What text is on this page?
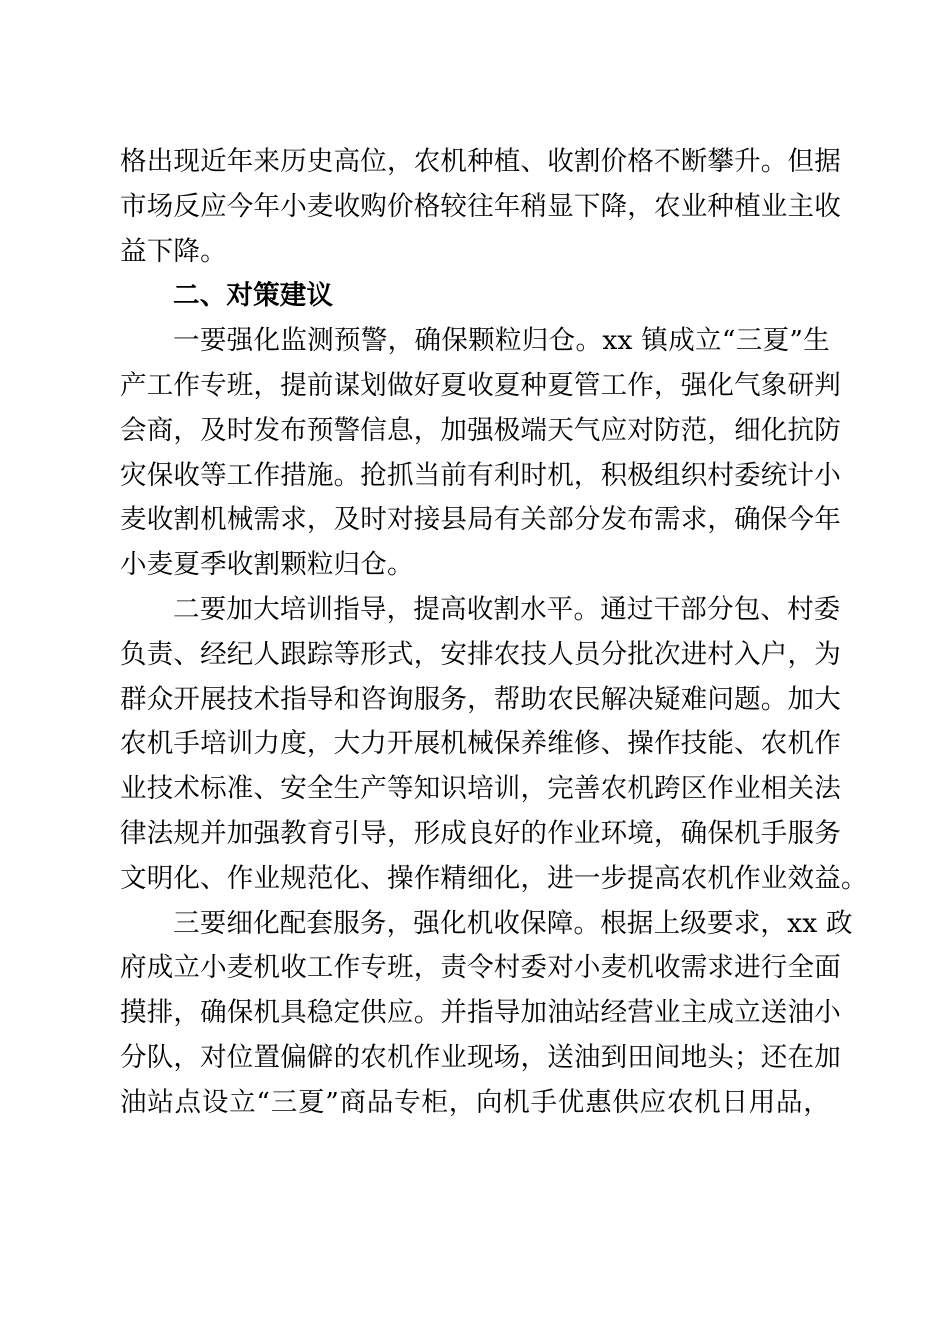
格出现近年来历史高位，农机种植、收割价格不断攀升。但据
市场反应今年小麦收购价格较往年稍显下降，农业种植业主收
益下降。
二、对策建议
一要强化监测预警，确保颗粒归仓。xx 镇成立“三夏”生
产工作专班，提前谋划做好夏收夏种夏管工作，强化气象研判
会商，及时发布预警信息，加强极端天气应对防范，细化抗防
灾保收等工作措施。抢抓当前有利时机，积极组织村委统计小
麦收割机械需求，及时对接县局有关部分发布需求，确保今年
小麦夏季收割颗粒归仓。
二要加大培训指导，提高收割水平。通过干部分包、村委
负责、经纪人跟踪等形式，安排农技人员分批次进村入户，为
群众开展技术指导和咨询服务，帮助农民解决疑难问题。加大
农机手培训力度，大力开展机械保养维修、操作技能、农机作
业技术标准、安全生产等知识培训，完善农机跨区作业相关法
律法规并加强教育引导，形成良好的作业环境，确保机手服务
文明化、作业规范化、操作精细化，进一步提高农机作业效益。
三要细化配套服务，强化机收保障。根据上级要求，xx 政
府成立小麦机收工作专班，责令村委对小麦机收需求进行全面
摸排，确保机具稳定供应。并指导加油站经营业主成立送油小
分队，对位置偏僻的农机作业现场，送油到田间地头；还在加
油站点设立“三夏”商品专柜，向机手优惠供应农机日用品，
